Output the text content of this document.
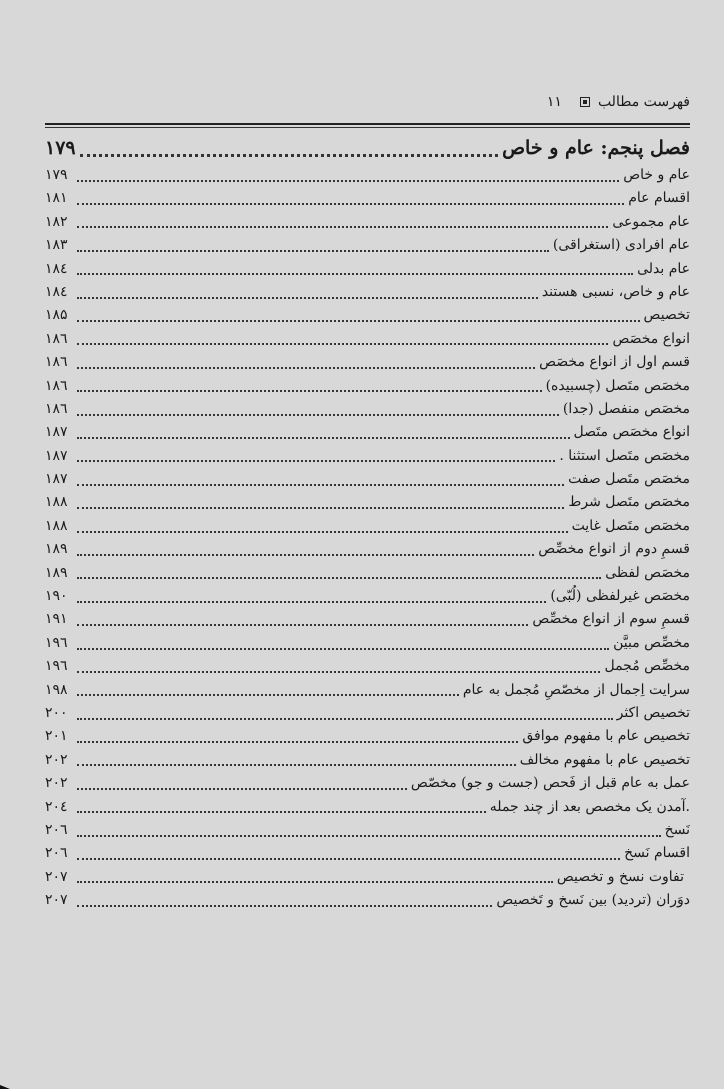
فهرست مطالب
۱۱
فصل پنجم: عام و خاص
۱۷۹
عام و خاص
۱۷۹
اقسام عام
۱۸۱
عام مجموعی
۱۸۲
عام افرادی (استغراقی)
۱۸۳
عام بدلی
۱۸٤
عام و خاص، نسبی هستند
۱۸٤
تخصیص
۱۸۵
انواع مخصَص
۱۸٦
قسم اول از انواع مخصَص
۱۸٦
مخصَص متَصل (چسبیده)
۱۸٦
مخصَص منفصل (جدا)
۱۸٦
انواع مخصَص متَصل
۱۸۷
مخصَص متَصل استثنا .
۱۸۷
مخصَص متَصل صفت
۱۸۷
مخصَص متَصل شرط
۱۸۸
مخصَص متَصل غایت
۱۸۸
قسمِ دوم از انواع مخصِّص
۱۸۹
مخصَص لفظی
۱۸۹
مخصَص غیرلفظی (لُبّی)
۱۹۰
قسمِ سوم از انواع مخصِّص
۱۹۱
مخصِّص مبیَّن
۱۹٦
مخصِّص مُجمل
۱۹٦
سرایت اِجمال از مخصّصِ مُجمل به عام
۱۹۸
تخصیص اکثر
۲۰۰
تخصیص عام با مفهوم موافق
۲۰۱
تخصیص عام با مفهوم مخالف
۲۰۲
عمل به عام قبل از فَحص (جست و جو) مخصّص
۲۰۲
.آمدن یک مخصص بعد از چند جمله
۲۰٤
نَسخ
۲۰٦
اقسام نَسخ
۲۰٦
تفاوت نسخ و تخصیص
۲۰۷
دوَران (تردید) بین نَسخ و تَخصیص
۲۰۷
